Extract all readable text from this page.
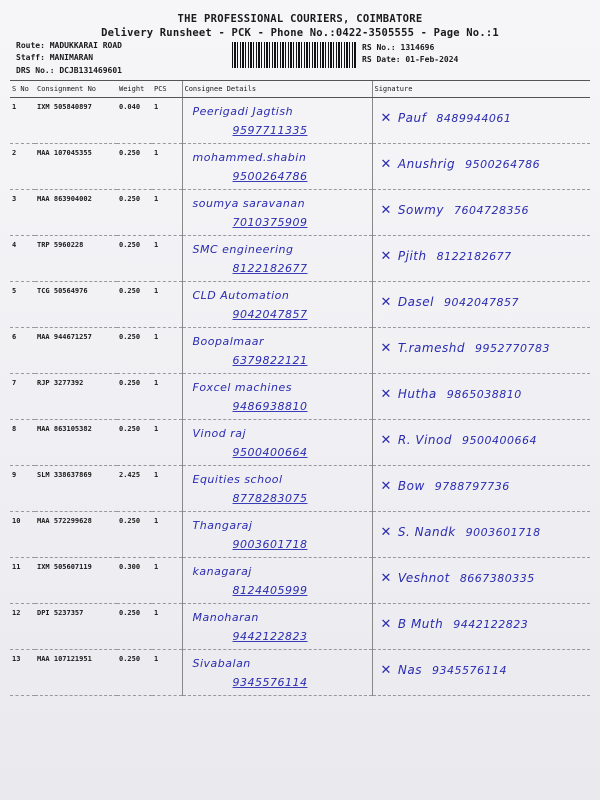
THE PROFESSIONAL COURIERS, COIMBATORE
Delivery Runsheet - PCK - Phone No.:0422-3505555 - Page No.:1
Route: MADUKKARAI ROAD
Staff: MANIMARAN
DRS No.: DCJB131469601
RS No.: 1314696
RS Date: 01-Feb-2024
S No	Consignment No	Weight	PCS	Consignee Details	Signature
1	IXM 505840897	0.040	1	Peerigadi Jagtish
9597711335	✕ Pauf 8489944061

2	MAA 107045355	0.250	1	mohammed.shabin
9500264786	✕ Anushrig 9500264786

3	MAA 863904002	0.250	1	soumya saravanan
7010375909	✕ Sowmy 7604728356

4	TRP 5960228	0.250	1	SMC engineering
8122182677	✕ Pjith 8122182677

5	TCG 50564976	0.250	1	CLD Automation
9042047857	✕ Dasel 9042047857

6	MAA 944671257	0.250	1	Boopalmaar
6379822121	✕ T.rameshd 9952770783

7	RJP 3277392	0.250	1	Foxcel machines
9486938810	✕ Hutha 9865038810

8	MAA 863105382	0.250	1	Vinod raj
9500400664	✕ R. Vinod 9500400664

9	SLM 338637869	2.425	1	Equities school
8778283075	✕ Bow 9788797736

10	MAA 572299628	0.250	1	Thangaraj
9003601718	✕ S. Nandk 9003601718

11	IXM 505607119	0.300	1	kanagaraj
8124405999	✕ Veshnot 8667380335

12	DPI 5237357	0.250	1	Manoharan
9442122823	✕ B Muth 9442122823

13	MAA 107121951	0.250	1	Sivabalan
9345576114	✕ Nas 9345576114
